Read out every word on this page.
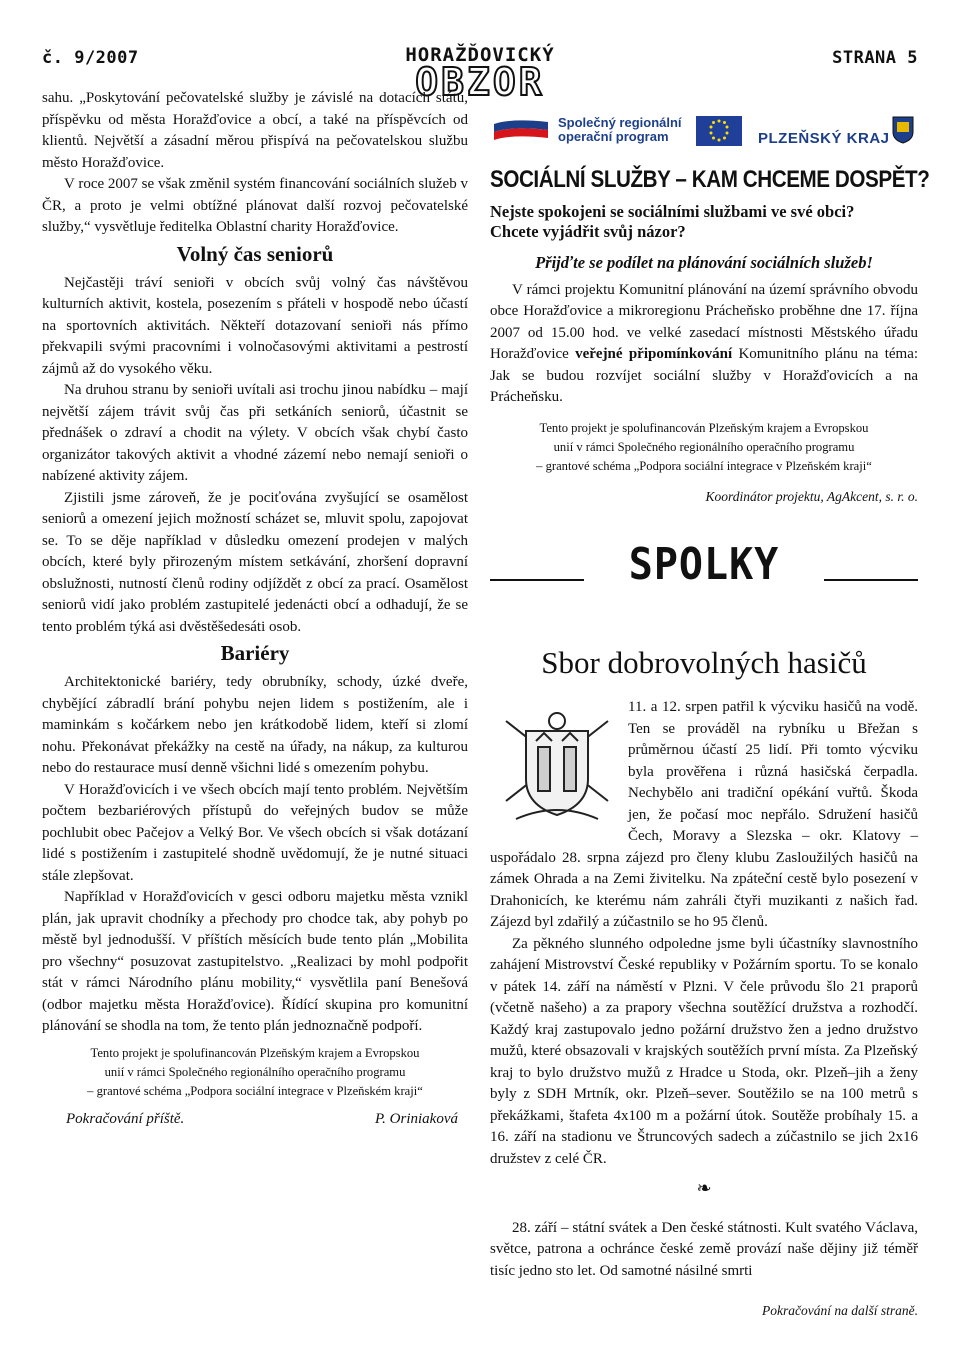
č. 9/2007	HORAŽĎOVICKÝ
OBZOR
STRANA 5

sahu. „Poskytování pečovatelské služby je závislé na dotacích státu, příspěvku od města Horažďovice a obcí, a také na příspěvcích od klientů. Největší a zásadní měrou přispívá na pečovatelskou službu město Horažďovice.

V roce 2007 se však změnil systém financování sociálních služeb v ČR, a proto je velmi obtížné plánovat další rozvoj pečovatelské služby,“ vysvětluje ředitelka Oblastní charity Horažďovice.

Volný čas seniorů

Nejčastěji tráví senioři v obcích svůj volný čas návštěvou kulturních aktivit, kostela, posezením s přáteli v hospodě nebo účastí na sportovních aktivitách. Někteří dotazovaní senioři nás přímo překvapili svými pracovními i volnočasovými aktivitami a pestrostí zájmů až do vysokého věku.

Na druhou stranu by senioři uvítali asi trochu jinou nabídku – mají největší zájem trávit svůj čas při setkáních seniorů, účastnit se přednášek o zdraví a chodit na výlety. V obcích však chybí často organizátor takových aktivit a vhodné zázemí nebo nemají senioři o nabízené aktivity zájem.

Zjistili jsme zároveň, že je pociťována zvyšující se osamělost seniorů a omezení jejich možností scházet se, mluvit spolu, zapojovat se. To se děje například v důsledku omezení prodejen v malých obcích, které byly přirozeným místem setkávání, zhoršení dopravní obslužnosti, nutností členů rodiny odjíždět z obcí za prací. Osamělost seniorů vidí jako problém zastupitelé jedenácti obcí a odhadují, že se tento problém týká asi dvěstěšedesáti osob.

Bariéry

Architektonické bariéry, tedy obrubníky, schody, úzké dveře, chybějící zábradlí brání pohybu nejen lidem s postižením, ale i maminkám s kočárkem nebo jen krátkodobě lidem, kteří si zlomí nohu. Překonávat překážky na cestě na úřady, na nákup, za kulturou nebo do restaurace musí denně všichni lidé s omezením pohybu.

V Horažďovicích i ve všech obcích mají tento problém. Největším počtem bezbariérových přístupů do veřejných budov se může pochlubit obec Pačejov a Velký Bor. Ve všech obcích si však dotázaní lidé s postižením i zastupitelé shodně uvědomují, že je nutné situaci stále zlepšovat.

Například v Horažďovicích v gesci odboru majetku města vznikl plán, jak upravit chodníky a přechody pro chodce tak, aby pohyb po městě byl jednodušší. V příštích měsících bude tento plán „Mobilita pro všechny“ posuzovat zastupitelstvo. „Realizaci by mohl podpořit stát v rámci Národního plánu mobility,“ vysvětlila paní Benešová (odbor majetku města Horažďovice). Řídící skupina pro komunitní plánování se shodla na tom, že tento plán jednoznačně podpoří.

Tento projekt je spolufinancován Plzeňským krajem a Evropskou
unií v rámci Společného regionálního operačního programu
– grantové schéma „Podpora sociální integrace v Plzeňském kraji“
Pokračování příště.	P. Oriniaková
Společný regionální
operační program	PLZEŇSKÝ KRAJ
SOCIÁLNÍ SLUŽBY – KAM CHCEME DOSPĚT?
Nejste spokojeni se sociálními službami ve své obci?
Chcete vyjádřit svůj názor?
Přijďte se podílet na plánování sociálních služeb!

V rámci projektu Komunitní plánování na území správního obvodu obce Horažďovice a mikroregionu Prácheňsko proběhne dne 17. října 2007 od 15.00 hod. ve velké zasedací místnosti Městského úřadu Horažďovice veřejné připomínkování Komunitního plánu na téma: Jak se budou rozvíjet sociální služby v Horažďovicích a na Prácheňsku.

Tento projekt je spolufinancován Plzeňským krajem a Evropskou
unií v rámci Společného regionálního operačního programu
– grantové schéma „Podpora sociální integrace v Plzeňském kraji“
Koordinátor projektu, AgAkcent, s. r. o.
SPOLKY
Sbor dobrovolných hasičů

11. a 12. srpen patřil k výcviku hasičů na vodě. Ten se prováděl na rybníku u Břežan s průměrnou účastí 25 lidí. Při tomto výcviku byla prověřena i různá hasičská čerpadla. Nechybělo ani tradiční opékání vuřtů. Škoda jen, že počasí moc nepřálo. Sdružení hasičů Čech, Moravy a Slezska – okr. Klatovy – uspořádalo 28. srpna zájezd pro členy klubu Zasloužilých hasičů na zámek Ohrada a na Zemi živitelku. Na zpáteční cestě bylo posezení v Drahonicích, ke kterému nám zahráli čtyři muzikanti z našich řad. Zájezd byl zdařilý a zúčastnilo se ho 95 členů.

Za pěkného slunného odpoledne jsme byli účastníky slavnostního zahájení Mistrovství České republiky v Požárním sportu. To se konalo v pátek 14. září na náměstí v Plzni. V čele průvodu šlo 21 praporů (včetně našeho) a za prapory všechna soutěžící družstva a rozhodčí. Každý kraj zastupovalo jedno požární družstvo žen a jedno družstvo mužů, které obsazovali v krajských soutěžích první místa. Za Plzeňský kraj to bylo družstvo mužů z Hradce u Stoda, okr. Plzeň–jih a ženy byly z SDH Mrtník, okr. Plzeň–sever. Soutěžilo se na 100 metrů s překážkami, štafeta 4x100 m a požární útok. Soutěže probíhaly 15. a 16. září na stadionu ve Štruncových sadech a zúčastnilo se jich 2x16 družstev z celé ČR.

❧

28. září – státní svátek a Den české státnosti. Kult svatého Václava, světce, patrona a ochránce české země provází naše dějiny již téměř tisíc jedno sto let. Od samotné násilné smrti

Pokračování na další straně.
